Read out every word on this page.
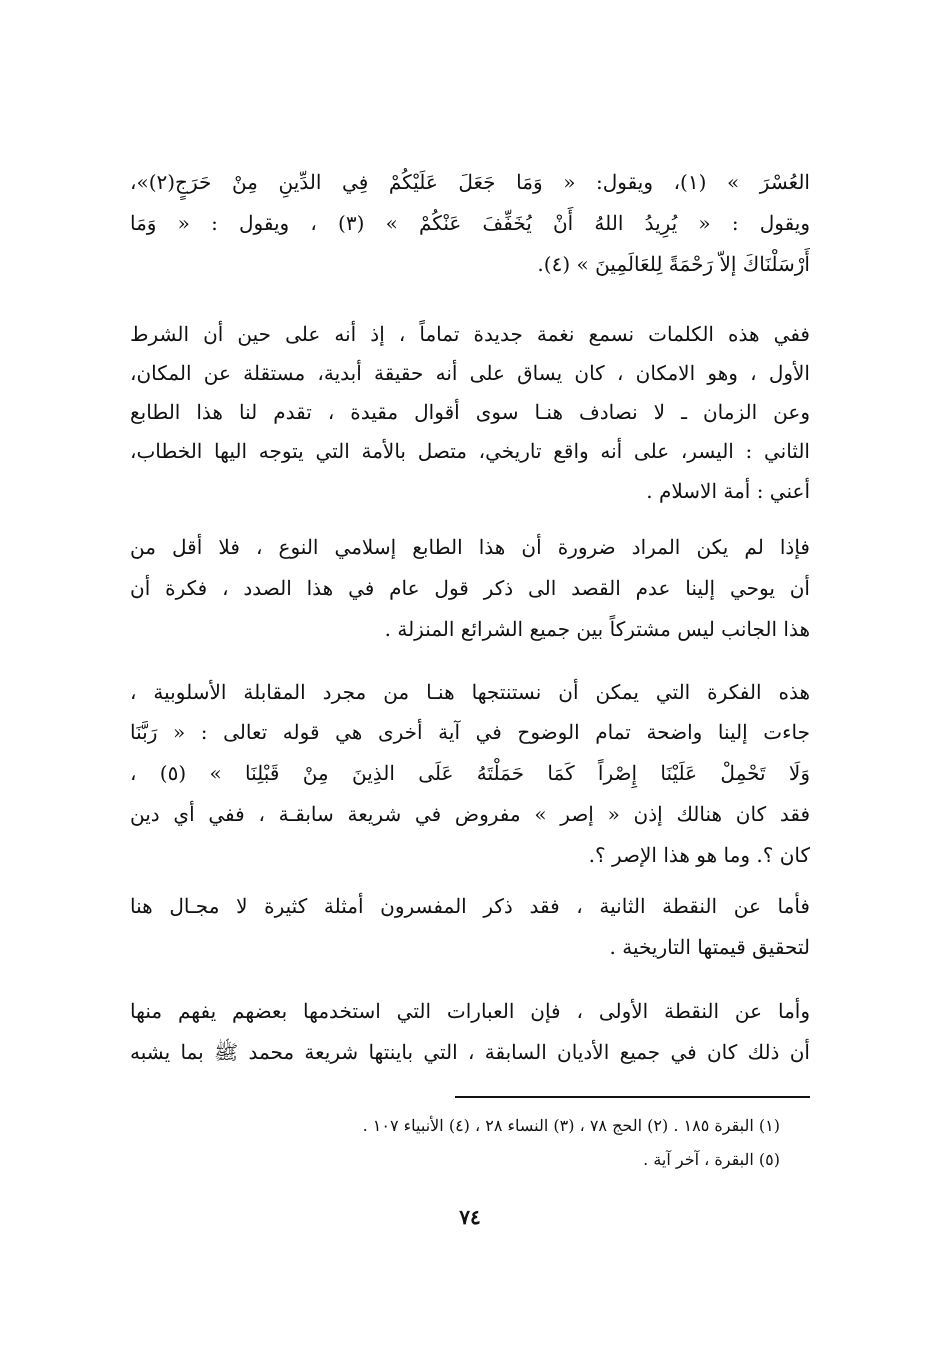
العُسْرَ » (١)، ويقول: « وَمَا جَعَلَ عَلَيْكُمْ فِي الدِّينِ مِنْ حَرَجٍ(٢)»،
ويقول : « يُرِيدُ اللهُ أَنْ يُخَفِّفَ عَنْكُمْ » (٣) ، ويقول : « وَمَا
أَرْسَلْنَاكَ إلاّ رَحْمَةً لِلعَالَمِينَ » (٤).
ففي هذه الكلمات نسمع نغمة جديدة تماماً ، إذ أنه على حين أن الشرط
الأول ، وهو الامكان ، كان يساق على أنه حقيقة أبدية، مستقلة عن المكان،
وعن الزمان ـ لا نصادف هنـا سوى أقوال مقيدة ، تقدم لنا هذا الطابع
الثاني : اليسر، على أنه واقع تاريخي، متصل بالأمة التي يتوجه اليها الخطاب،
أعني : أمة الاسلام .
فإذا لم يكن المراد ضرورة أن هذا الطابع إسلامي النوع ، فلا أقل من
أن يوحي إلينا عدم القصد الى ذكر قول عام في هذا الصدد ، فكرة أن
هذا الجانب ليس مشتركاً بين جميع الشرائع المنزلة .
هذه الفكرة التي يمكن أن نستنتجها هنـا من مجرد المقابلة الأسلوبية ،
جاءت إلينا واضحة تمام الوضوح في آية أخرى هي قوله تعالى : « رَبَّنَا
وَلَا تَحْمِلْ عَلَيْنَا إِصْراً كَمَا حَمَلْتَهُ عَلَى الذِينَ مِنْ قَبْلِنَا » (٥) ،
فقد كان هنالك إذن « إصر » مفروض في شريعة سابقـة ، ففي أي دين
كان ؟. وما هو هذا الإصر ؟.
فأما عن النقطة الثانية ، فقد ذكر المفسرون أمثلة كثيرة لا مجـال هنا
لتحقيق قيمتها التاريخية .
وأما عن النقطة الأولى ، فإن العبارات التي استخدمها بعضهم يفهم منها
أن ذلك كان في جميع الأديان السابقة ، التي باينتها شريعة محمد ﷺ بما يشبه
(١) البقرة ١٨٥ . (٢) الحج ٧٨ ، (٣) النساء ٢٨ ، (٤) الأنبياء ١٠٧ .
(٥) البقرة ، آخر آية .
٧٤
